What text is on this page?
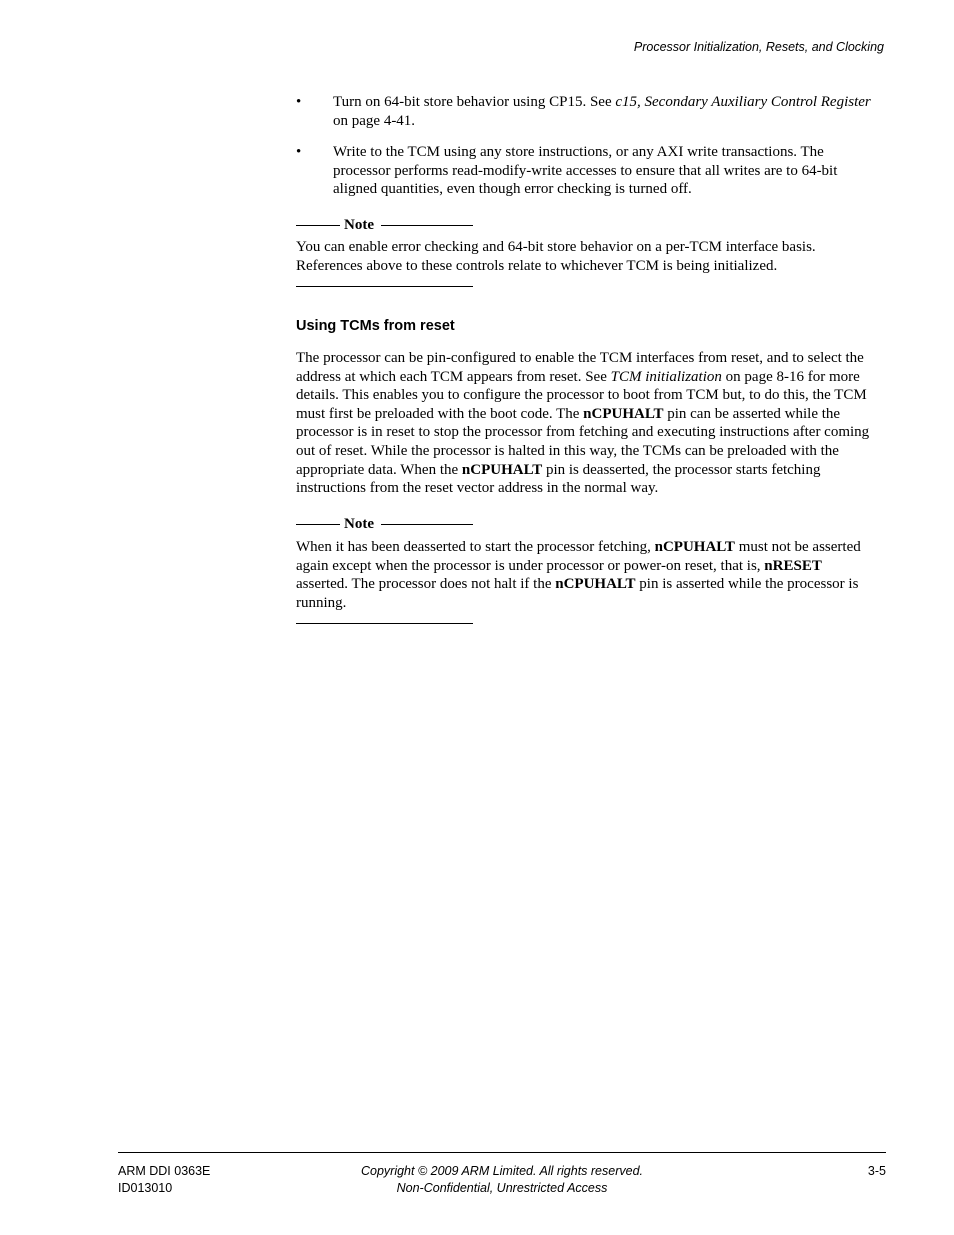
Processor Initialization, Resets, and Clocking
• Turn on 64-bit store behavior using CP15. See c15, Secondary Auxiliary Control Register
on page 4-41.
• Write to the TCM using any store instructions, or any AXI write transactions. The
processor performs read-modify-write accesses to ensure that all writes are to 64-bit
aligned quantities, even though error checking is turned off.
Note
You can enable error checking and 64-bit store behavior on a per-TCM interface basis.
References above to these controls relate to whichever TCM is being initialized.
Using TCMs from reset
The processor can be pin-configured to enable the TCM interfaces from reset, and to select the
address at which each TCM appears from reset. See TCM initialization on page 8-16 for more
details. This enables you to configure the processor to boot from TCM but, to do this, the TCM
must first be preloaded with the boot code. The nCPUHALT pin can be asserted while the
processor is in reset to stop the processor from fetching and executing instructions after coming
out of reset. While the processor is halted in this way, the TCMs can be preloaded with the
appropriate data. When the nCPUHALT pin is deasserted, the processor starts fetching
instructions from the reset vector address in the normal way.
Note
When it has been deasserted to start the processor fetching, nCPUHALT must not be asserted
again except when the processor is under processor or power-on reset, that is, nRESET
asserted. The processor does not halt if the nCPUHALT pin is asserted while the processor is
running.
ARM DDI 0363E
ID013010
Copyright © 2009 ARM Limited. All rights reserved.
Non-Confidential, Unrestricted Access
3-5
